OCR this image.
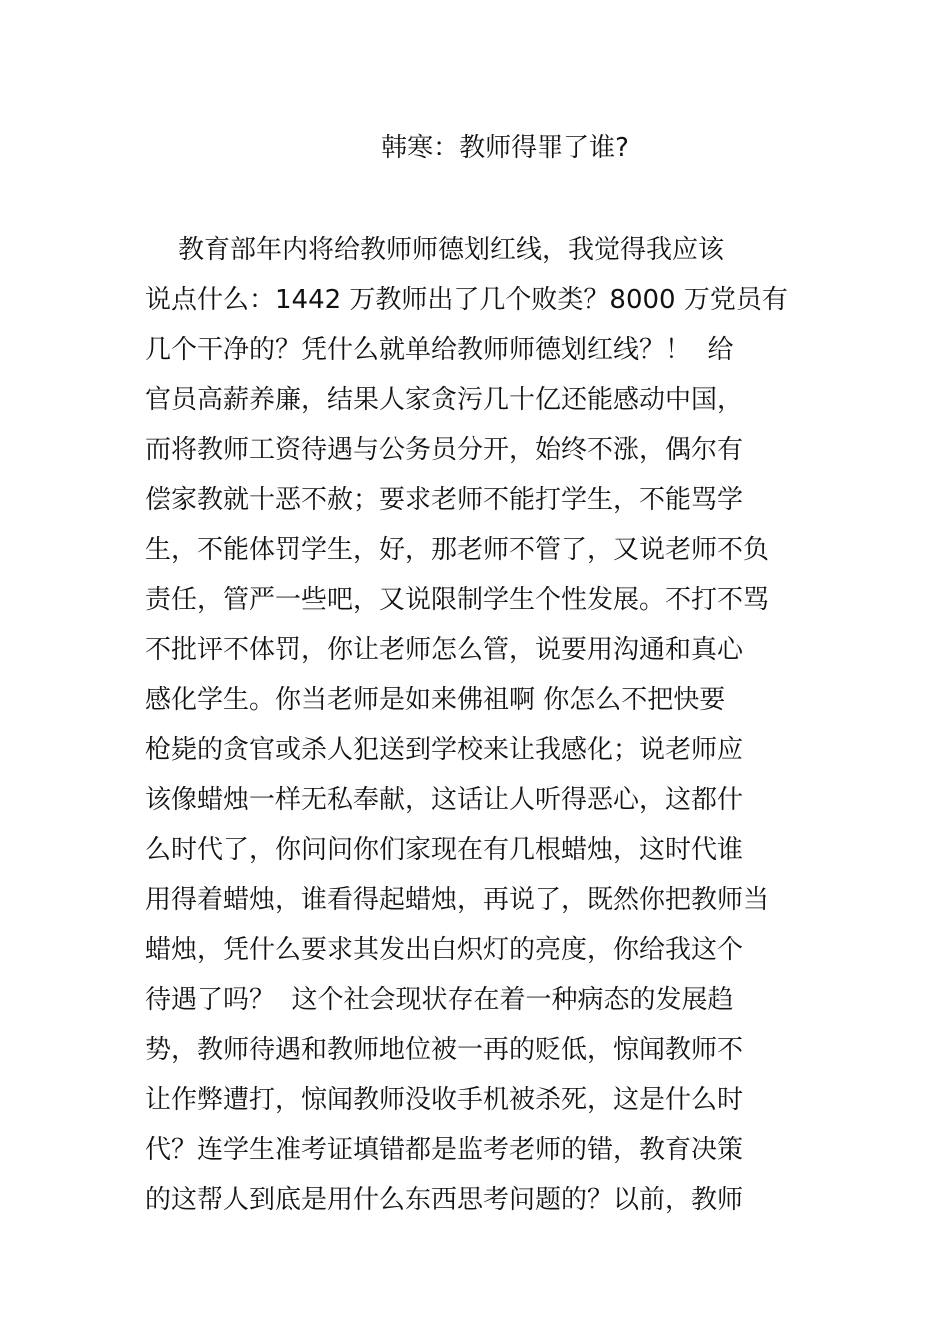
韩寒：教师得罪了谁?
教育部年内将给教师师德划红线，我觉得我应该
说点什么：1442 万教师出了几个败类？8000 万党员有
几个干净的？凭什么就单给教师师德划红线？！  给
官员高薪养廉，结果人家贪污几十亿还能感动中国，
而将教师工资待遇与公务员分开，始终不涨，偶尔有
偿家教就十恶不赦；要求老师不能打学生，不能骂学
生，不能体罚学生，好，那老师不管了，又说老师不负
责任，管严一些吧，又说限制学生个性发展。不打不骂
不批评不体罚，你让老师怎么管，说要用沟通和真心
感化学生。你当老师是如来佛祖啊 你怎么不把快要
枪毙的贪官或杀人犯送到学校来让我感化；说老师应
该像蜡烛一样无私奉献，这话让人听得恶心，这都什
么时代了，你问问你们家现在有几根蜡烛，这时代谁
用得着蜡烛，谁看得起蜡烛，再说了，既然你把教师当
蜡烛，凭什么要求其发出白炽灯的亮度，你给我这个
待遇了吗？  这个社会现状存在着一种病态的发展趋
势，教师待遇和教师地位被一再的贬低，惊闻教师不
让作弊遭打，惊闻教师没收手机被杀死，这是什么时
代？连学生准考证填错都是监考老师的错，教育决策
的这帮人到底是用什么东西思考问题的？以前，教师
